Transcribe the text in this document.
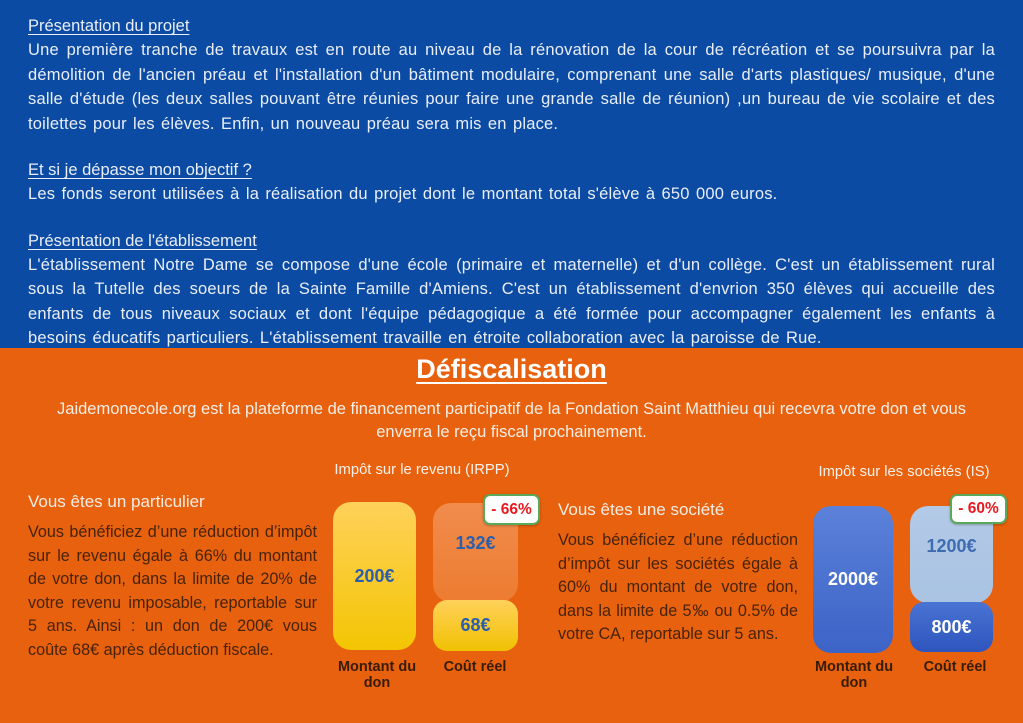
Présentation du projet

Une première tranche de travaux est en route au niveau de la rénovation de la cour de récréation et se poursuivra par la démolition de l'ancien préau et l'installation d'un bâtiment modulaire, comprenant une salle d'arts plastiques/ musique, d'une salle d'étude (les deux salles pouvant être réunies pour faire une grande salle de réunion) ,un bureau de vie scolaire et des toilettes pour les élèves. Enfin, un nouveau préau sera mis en place.

Et si je dépasse mon objectif ?

Les fonds seront utilisées à la réalisation du projet dont le montant total s'élève à 650 000 euros.

Présentation de l'établissement

L'établissement Notre Dame se compose d'une école (primaire et maternelle) et d'un collège. C'est un établissement rural sous la Tutelle des soeurs de la Sainte Famille d'Amiens. C'est un établissement d'envrion 350 élèves qui accueille des enfants de tous niveaux sociaux et dont l'équipe pédagogique a été formée pour accompagner également les enfants à besoins éducatifs particuliers. L'établissement travaille en étroite collaboration avec la paroisse de Rue.

Défiscalisation

Jaidemonecole.org est la plateforme de financement participatif de la Fondation Saint Matthieu qui recevra votre don et vous enverra le reçu fiscal prochainement.

Vous êtes un particulier

Vous bénéficiez d’une réduction d’impôt sur le revenu égale à 66% du montant de votre don, dans la limite de 20% de votre revenu imposable, reportable sur 5 ans. Ainsi : un don de 200€ vous coûte 68€ après déduction fiscale.

Impôt sur le revenu (IRPP)

200€
132€
68€
- 66%
Montant du don
Coût réel
Vous êtes une société

Vous bénéficiez d’une réduction d’impôt sur les sociétés égale à 60% du montant de votre don, dans la limite de 5‰ ou 0.5% de votre CA, reportable sur 5 ans.

Impôt sur les sociétés (IS)

2000€
1200€
800€
- 60%
Montant du don
Coût réel
